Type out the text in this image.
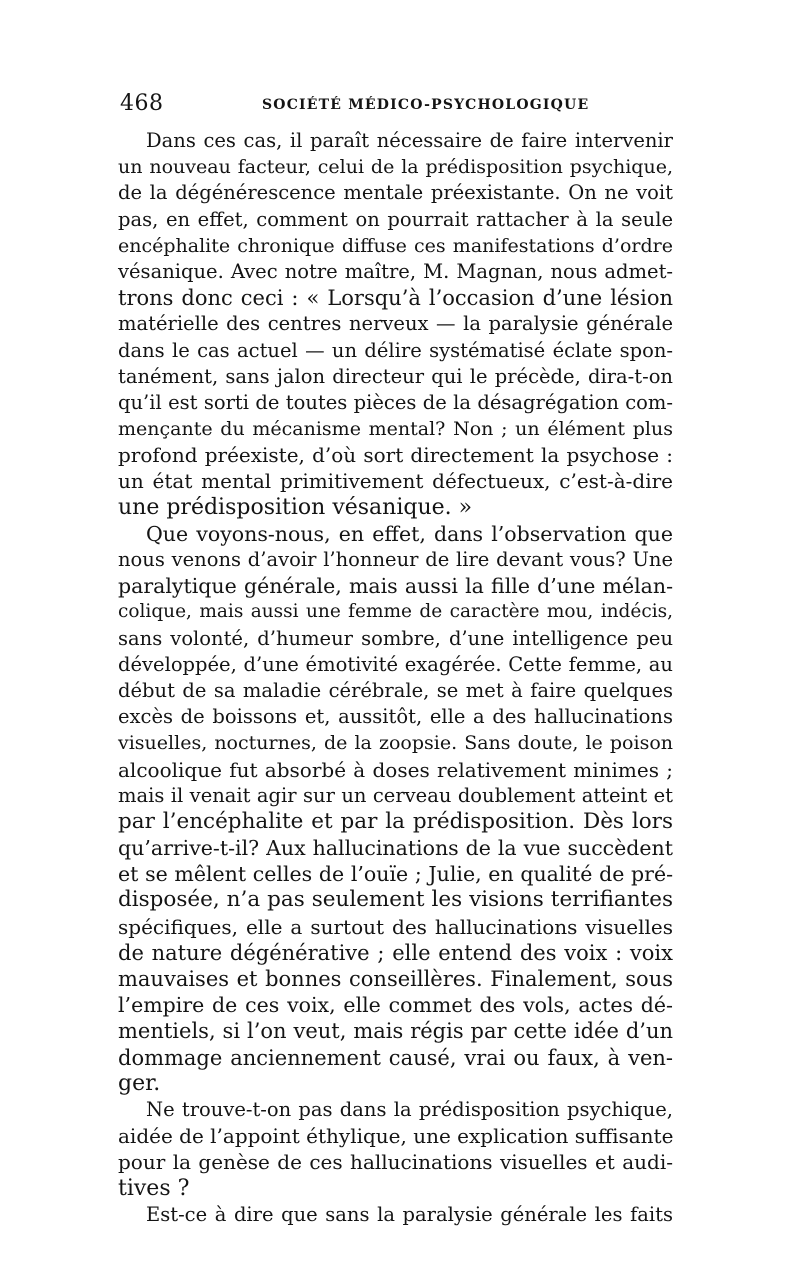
468	SOCIÉTÉ MÉDICO-PSYCHOLOGIQUE
Dans ces cas, il paraît nécessaire de faire intervenir
un nouveau facteur, celui de la prédisposition psychique,
de la dégénérescence mentale préexistante. On ne voit
pas, en effet, comment on pourrait rattacher à la seule
encéphalite chronique diffuse ces manifestations d’ordre
vésanique. Avec notre maître, M. Magnan, nous admet-
trons donc ceci : « Lorsqu’à l’occasion d’une lésion
matérielle des centres nerveux — la paralysie générale
dans le cas actuel — un délire systématisé éclate spon-
tanément, sans jalon directeur qui le précède, dira-t-on
qu’il est sorti de toutes pièces de la désagrégation com-
mençante du mécanisme mental? Non ; un élément plus
profond préexiste, d’où sort directement la psychose :
un état mental primitivement défectueux, c’est-à-dire
une prédisposition vésanique. »
Que voyons-nous, en effet, dans l’observation que
nous venons d’avoir l’honneur de lire devant vous? Une
paralytique générale, mais aussi la fille d’une mélan-
colique, mais aussi une femme de caractère mou, indécis,
sans volonté, d’humeur sombre, d’une intelligence peu
développée, d’une émotivité exagérée. Cette femme, au
début de sa maladie cérébrale, se met à faire quelques
excès de boissons et, aussitôt, elle a des hallucinations
visuelles, nocturnes, de la zoopsie. Sans doute, le poison
alcoolique fut absorbé à doses relativement minimes ;
mais il venait agir sur un cerveau doublement atteint et
par l’encéphalite et par la prédisposition. Dès lors
qu’arrive-t-il? Aux hallucinations de la vue succèdent
et se mêlent celles de l’ouïe ; Julie, en qualité de pré-
disposée, n’a pas seulement les visions terrifiantes
spécifiques, elle a surtout des hallucinations visuelles
de nature dégénérative ; elle entend des voix : voix
mauvaises et bonnes conseillères. Finalement, sous
l’empire de ces voix, elle commet des vols, actes dé-
mentiels, si l’on veut, mais régis par cette idée d’un
dommage anciennement causé, vrai ou faux, à ven-
ger.
Ne trouve-t-on pas dans la prédisposition psychique,
aidée de l’appoint éthylique, une explication suffisante
pour la genèse de ces hallucinations visuelles et audi-
tives ?
Est-ce à dire que sans la paralysie générale les faits
